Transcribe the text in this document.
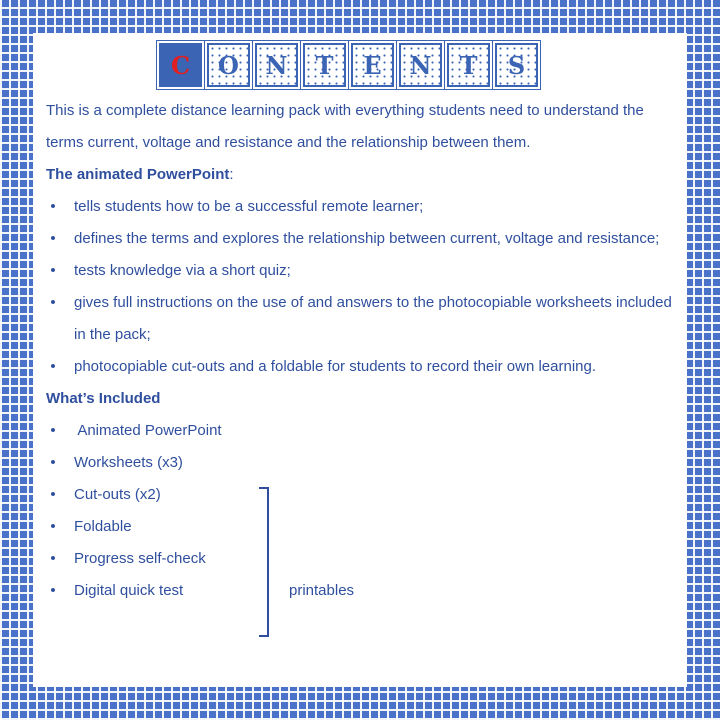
C	O	N	T	E	N	T	S

This is a complete distance learning pack with everything students need to understand the terms current, voltage and resistance and the relationship between them.

The animated PowerPoint:

• tells students how to be a successful remote learner;
• defines the terms and explores the relationship between current, voltage and resistance;
• tests knowledge via a short quiz;
• gives full instructions on the use of and answers to the photocopiable worksheets included in the pack;
• photocopiable cut-outs and a foldable for students to record their own learning.

What’s Included

• Animated PowerPoint
• Worksheets (x3)
• Cut-outs (x2)
• Foldable
• Progress self-check
• Digital quick test	printables
